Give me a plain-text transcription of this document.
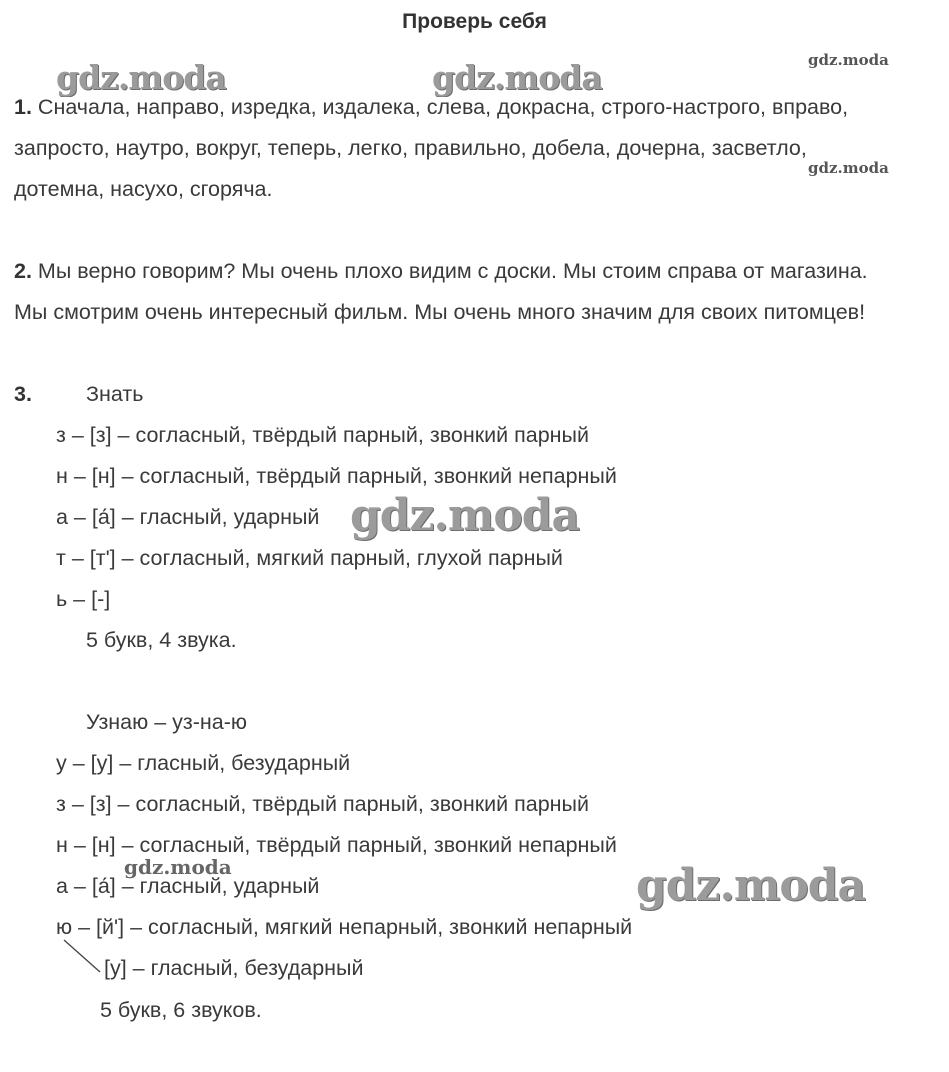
Проверь себя
1. Сначала, направо, изредка, издалека, слева, докрасна, строго-настрого, вправо,
запросто, наутро, вокруг, теперь, легко, правильно, добела, дочерна, засветло,
дотемна, насухо, сгоряча.
2. Мы верно говорим? Мы очень плохо видим с доски. Мы стоим справа от магазина.
Мы смотрим очень интересный фильм. Мы очень много значим для своих питомцев!
3.	Знать
з – [з] – согласный, твёрдый парный, звонкий парный
н – [н] – согласный, твёрдый парный, звонкий непарный
а – [а́] – гласный, ударный
т – [т'] – согласный, мягкий парный, глухой парный
ь – [-]
5 букв, 4 звука.
Узнаю – уз-на-ю
у – [у] – гласный, безударный
з – [з] – согласный, твёрдый парный, звонкий парный
н – [н] – согласный, твёрдый парный, звонкий непарный
а – [а́] – гласный, ударный
ю – [й'] – согласный, мягкий непарный, звонкий непарный
[у] – гласный, безударный
5 букв, 6 звуков.
gdz.moda	gdz.moda	gdz.moda
gdz.moda
gdz.moda
gdz.moda	gdz.moda
